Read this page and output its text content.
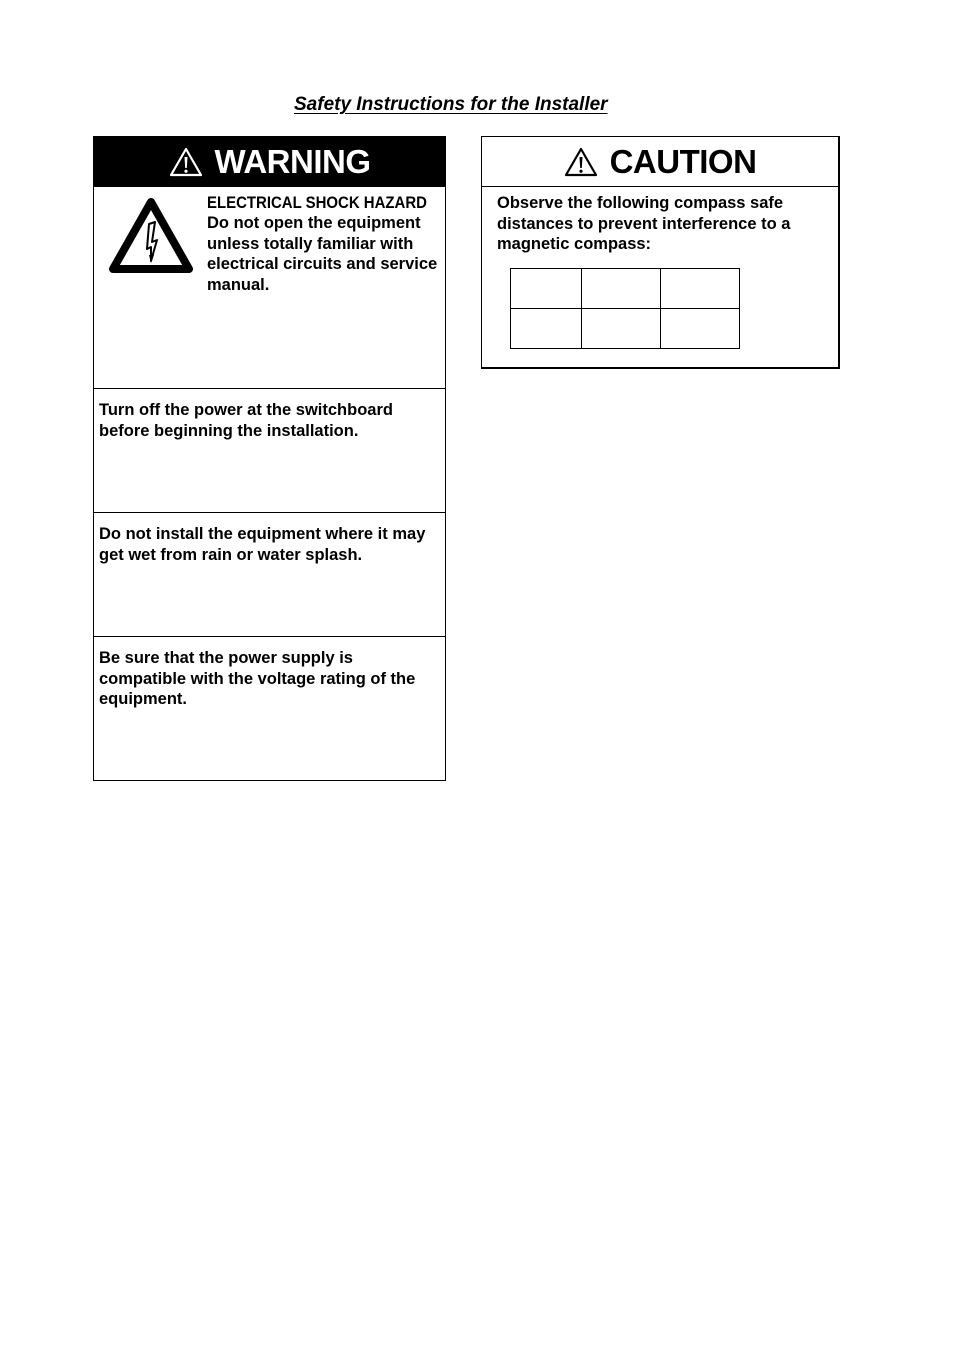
Safety Instructions for the Installer
WARNING
ELECTRICAL SHOCK HAZARD
Do not open the equipment unless totally familiar with electrical circuits and service manual.
Turn off the power at the switchboard before beginning the installation.
Do not install the equipment where it may get wet from rain or water splash.
Be sure that the power supply is compatible with the voltage rating of the equipment.
CAUTION
Observe the following compass safe distances to prevent interference to a magnetic compass:
